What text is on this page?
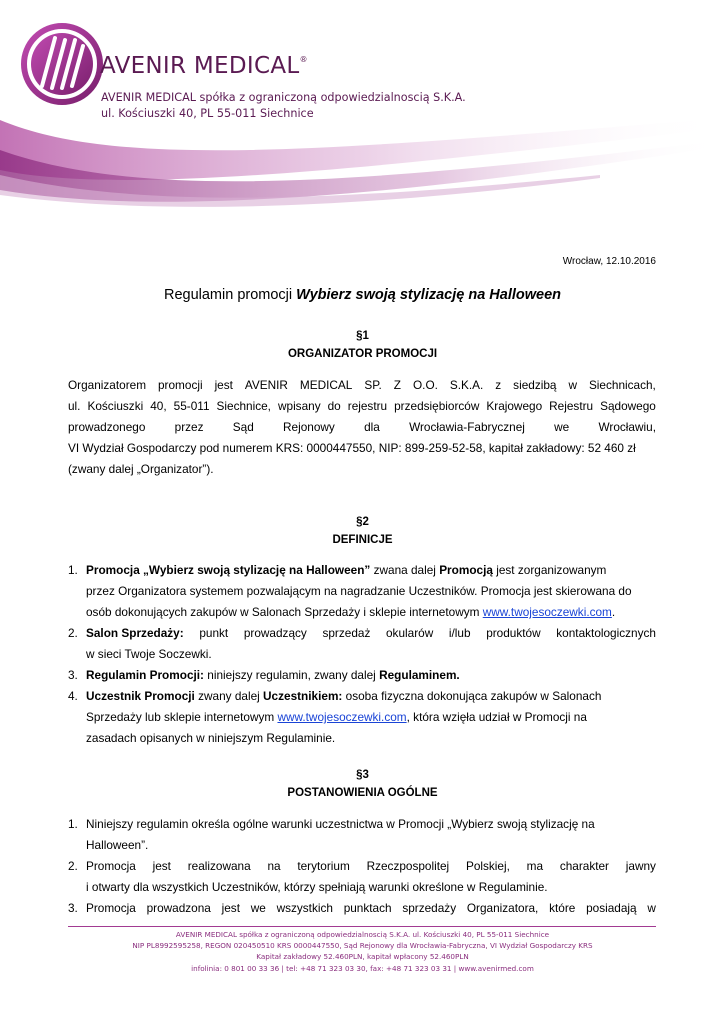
AVENIR MEDICAL®
AVENIR MEDICAL spółka z ograniczoną odpowiedzialnoscią S.K.A.
ul. Kościuszki 40, PL 55-011 Siechnice
Wrocław, 12.10.2016
Regulamin promocji Wybierz swoją stylizację na Halloween
§1
ORGANIZATOR PROMOCJI
Organizatorem promocji jest AVENIR MEDICAL SP. Z O.O. S.K.A. z siedzibą w Siechnicach,
ul. Kościuszki 40, 55-011 Siechnice, wpisany do rejestru przedsiębiorców Krajowego Rejestru Sądowego
prowadzonego przez Sąd Rejonowy dla Wrocławia-Fabrycznej we Wrocławiu,
VI Wydział Gospodarczy pod numerem KRS: 0000447550, NIP: 899-259-52-58, kapitał zakładowy: 52 460 zł
(zwany dalej „Organizator”).
§2
DEFINICJE
1. Promocja „Wybierz swoją stylizację na Halloween” zwana dalej Promocją jest zorganizowanym
przez Organizatora systemem pozwalającym na nagradzanie Uczestników. Promocja jest skierowana do
osób dokonujących zakupów w Salonach Sprzedaży i sklepie internetowym www.twojesoczewki.com.
2. Salon Sprzedaży: punkt prowadzący sprzedaż okularów i/lub produktów kontaktologicznych
w sieci Twoje Soczewki.
3. Regulamin Promocji: niniejszy regulamin, zwany dalej Regulaminem.
4. Uczestnik Promocji zwany dalej Uczestnikiem: osoba fizyczna dokonująca zakupów w Salonach
Sprzedaży lub sklepie internetowym www.twojesoczewki.com, która wzięła udział w Promocji na
zasadach opisanych w niniejszym Regulaminie.
§3
POSTANOWIENIA OGÓLNE
1. Niniejszy regulamin określa ogólne warunki uczestnictwa w Promocji „Wybierz swoją stylizację na
Halloween”.
2. Promocja jest realizowana na terytorium Rzeczpospolitej Polskiej, ma charakter jawny
i otwarty dla wszystkich Uczestników, którzy spełniają warunki określone w Regulaminie.
3. Promocja prowadzona jest we wszystkich punktach sprzedaży Organizatora, które posiadają w
AVENIR MEDICAL spółka z ograniczoną odpowiedzialnoscią S.K.A. ul. Kościuszki 40, PL 55-011 Siechnice
NIP PL8992595258, REGON 020450510 KRS 0000447550, Sąd Rejonowy dla Wrocławia-Fabryczna, VI Wydział Gospodarczy KRS
Kapitał zakładowy 52.460PLN, kapitał wpłacony 52.460PLN
infolinia: 0 801 00 33 36 | tel: +48 71 323 03 30, fax: +48 71 323 03 31 | www.avenirmed.com
